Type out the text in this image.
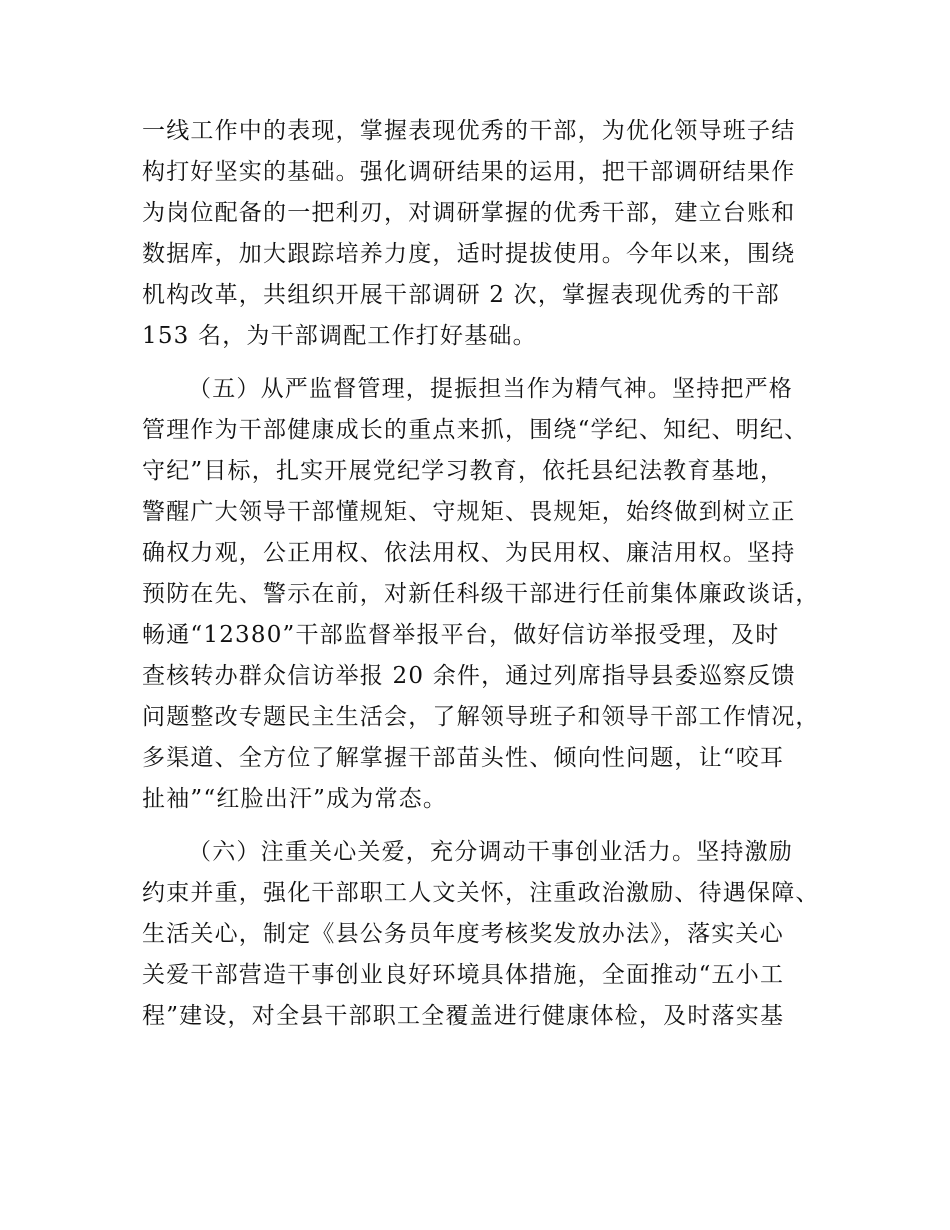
一线工作中的表现，掌握表现优秀的干部，为优化领导班子结
构打好坚实的基础。强化调研结果的运用，把干部调研结果作
为岗位配备的一把利刃，对调研掌握的优秀干部，建立台账和
数据库，加大跟踪培养力度，适时提拔使用。今年以来，围绕
机构改革，共组织开展干部调研 2 次，掌握表现优秀的干部
153 名，为干部调配工作打好基础。
（五）从严监督管理，提振担当作为精气神。坚持把严格
管理作为干部健康成长的重点来抓，围绕“学纪、知纪、明纪、
守纪”目标，扎实开展党纪学习教育，依托县纪法教育基地，
警醒广大领导干部懂规矩、守规矩、畏规矩，始终做到树立正
确权力观，公正用权、依法用权、为民用权、廉洁用权。坚持
预防在先、警示在前，对新任科级干部进行任前集体廉政谈话，
畅通“12380”干部监督举报平台，做好信访举报受理，及时
查核转办群众信访举报 20 余件，通过列席指导县委巡察反馈
问题整改专题民主生活会，了解领导班子和领导干部工作情况，
多渠道、全方位了解掌握干部苗头性、倾向性问题，让“咬耳
扯袖”“红脸出汗”成为常态。
（六）注重关心关爱，充分调动干事创业活力。坚持激励
约束并重，强化干部职工人文关怀，注重政治激励、待遇保障、
生活关心，制定《县公务员年度考核奖发放办法》，落实关心
关爱干部营造干事创业良好环境具体措施，全面推动“五小工
程”建设，对全县干部职工全覆盖进行健康体检，及时落实基
